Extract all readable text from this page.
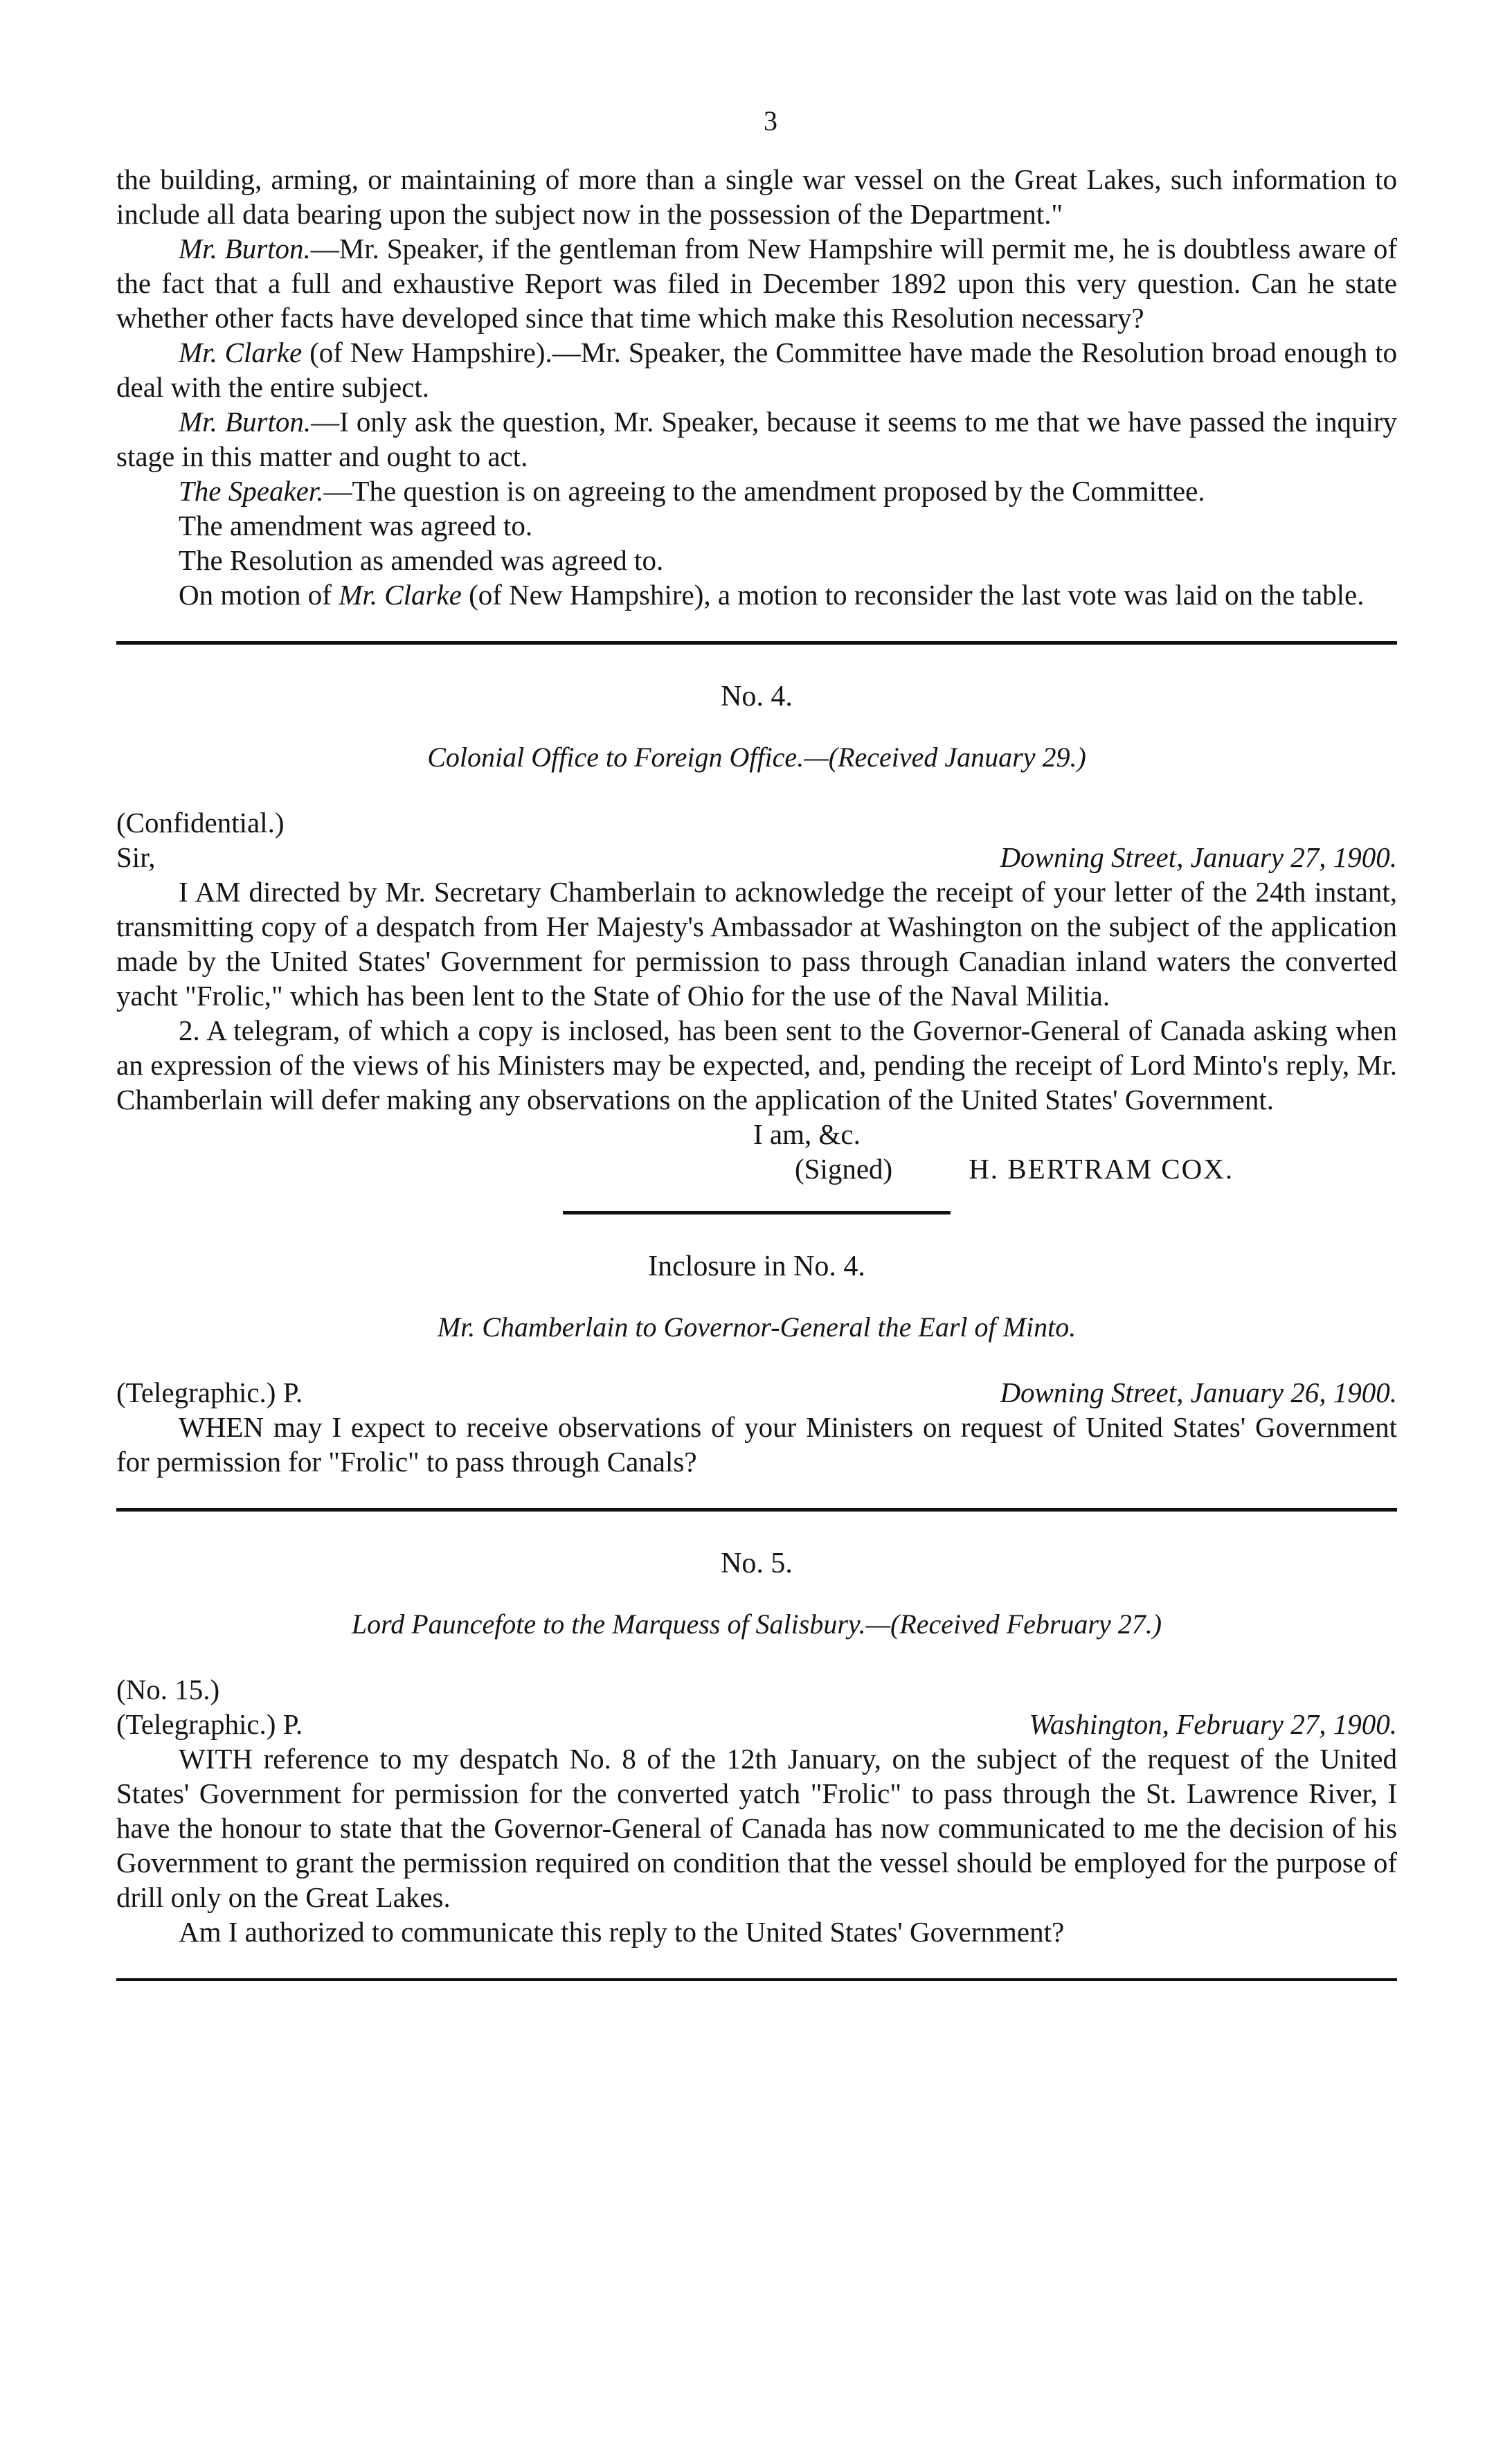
3

the building, arming, or maintaining of more than a single war vessel on the Great Lakes, such information to include all data bearing upon the subject now in the possession of the Department."

Mr. Burton.—Mr. Speaker, if the gentleman from New Hampshire will permit me, he is doubtless aware of the fact that a full and exhaustive Report was filed in December 1892 upon this very question. Can he state whether other facts have developed since that time which make this Resolution necessary?

Mr. Clarke (of New Hampshire).—Mr. Speaker, the Committee have made the Resolution broad enough to deal with the entire subject.

Mr. Burton.—I only ask the question, Mr. Speaker, because it seems to me that we have passed the inquiry stage in this matter and ought to act.

The Speaker.—The question is on agreeing to the amendment proposed by the Committee.

The amendment was agreed to.

The Resolution as amended was agreed to.

On motion of Mr. Clarke (of New Hampshire), a motion to reconsider the last vote was laid on the table.

No. 4.
Colonial Office to Foreign Office.—(Received January 29.)
(Confidential.)
Sir,	Downing Street, January 27, 1900.

I AM directed by Mr. Secretary Chamberlain to acknowledge the receipt of your letter of the 24th instant, transmitting copy of a despatch from Her Majesty's Ambassador at Washington on the subject of the application made by the United States' Government for permission to pass through Canadian inland waters the converted yacht "Frolic," which has been lent to the State of Ohio for the use of the Naval Militia.

2. A telegram, of which a copy is inclosed, has been sent to the Governor-General of Canada asking when an expression of the views of his Ministers may be expected, and, pending the receipt of Lord Minto's reply, Mr. Chamberlain will defer making any observations on the application of the United States' Government.

I am, &c.
(Signed)	H. BERTRAM COX.
Inclosure in No. 4.
Mr. Chamberlain to Governor-General the Earl of Minto.
(Telegraphic.) P.	Downing Street, January 26, 1900.

WHEN may I expect to receive observations of your Ministers on request of United States' Government for permission for "Frolic" to pass through Canals?

No. 5.
Lord Pauncefote to the Marquess of Salisbury.—(Received February 27.)
(No. 15.)
(Telegraphic.) P.	Washington, February 27, 1900.

WITH reference to my despatch No. 8 of the 12th January, on the subject of the request of the United States' Government for permission for the converted yatch "Frolic" to pass through the St. Lawrence River, I have the honour to state that the Governor-General of Canada has now communicated to me the decision of his Government to grant the permission required on condition that the vessel should be employed for the purpose of drill only on the Great Lakes.

Am I authorized to communicate this reply to the United States' Government?
